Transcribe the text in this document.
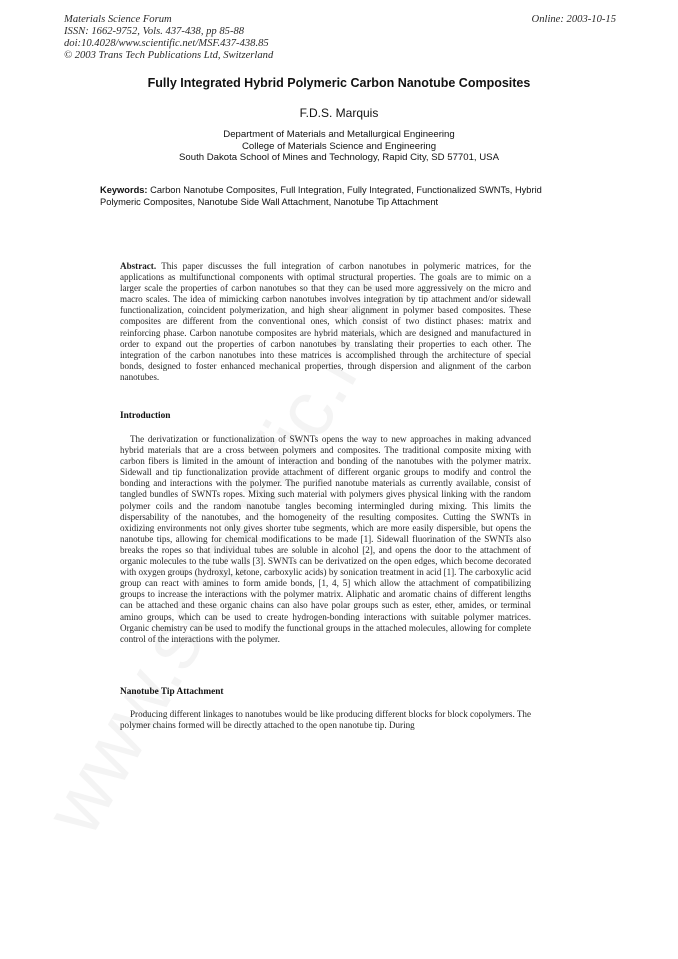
Materials Science Forum
ISSN: 1662-9752, Vols. 437-438, pp 85-88
doi:10.4028/www.scientific.net/MSF.437-438.85
© 2003 Trans Tech Publications Ltd, Switzerland
Online: 2003-10-15
Fully Integrated Hybrid Polymeric Carbon Nanotube Composites
F.D.S. Marquis
Department of Materials and Metallurgical Engineering
College of Materials Science and Engineering
South Dakota School of Mines and Technology, Rapid City, SD 57701, USA
Keywords: Carbon Nanotube Composites, Full Integration, Fully Integrated, Functionalized SWNTs, Hybrid Polymeric Composites, Nanotube Side Wall Attachment, Nanotube Tip Attachment
Abstract. This paper discusses the full integration of carbon nanotubes in polymeric matrices, for the applications as multifunctional components with optimal structural properties. The goals are to mimic on a larger scale the properties of carbon nanotubes so that they can be used more aggressively on the micro and macro scales. The idea of mimicking carbon nanotubes involves integration by tip attachment and/or sidewall functionalization, coincident polymerization, and high shear alignment in polymer based composites. These composites are different from the conventional ones, which consist of two distinct phases: matrix and reinforcing phase. Carbon nanotube composites are hybrid materials, which are designed and manufactured in order to expand out the properties of carbon nanotubes by translating their properties to each other. The integration of the carbon nanotubes into these matrices is accomplished through the architecture of special bonds, designed to foster enhanced mechanical properties, through dispersion and alignment of the carbon nanotubes.
Introduction
The derivatization or functionalization of SWNTs opens the way to new approaches in making advanced hybrid materials that are a cross between polymers and composites. The traditional composite mixing with carbon fibers is limited in the amount of interaction and bonding of the nanotubes with the polymer matrix. Sidewall and tip functionalization provide attachment of different organic groups to modify and control the bonding and interactions with the polymer. The purified nanotube materials as currently available, consist of tangled bundles of SWNTs ropes. Mixing such material with polymers gives physical linking with the random polymer coils and the random nanotube tangles becoming intermingled during mixing. This limits the dispersability of the nanotubes, and the homogeneity of the resulting composites. Cutting the SWNTs in oxidizing environments not only gives shorter tube segments, which are more easily dispersible, but opens the nanotube tips, allowing for chemical modifications to be made [1]. Sidewall fluorination of the SWNTs also breaks the ropes so that individual tubes are soluble in alcohol [2], and opens the door to the attachment of organic molecules to the tube walls [3]. SWNTs can be derivatized on the open edges, which become decorated with oxygen groups (hydroxyl, ketone, carboxylic acids) by sonication treatment in acid [1]. The carboxylic acid group can react with amines to form amide bonds, [1, 4, 5] which allow the attachment of compatibilizing groups to increase the interactions with the polymer matrix. Aliphatic and aromatic chains of different lengths can be attached and these organic chains can also have polar groups such as ester, ether, amides, or terminal amino groups, which can be used to create hydrogen-bonding interactions with suitable polymer matrices. Organic chemistry can be used to modify the functional groups in the attached molecules, allowing for complete control of the interactions with the polymer.
Nanotube Tip Attachment
Producing different linkages to nanotubes would be like producing different blocks for block copolymers. The polymer chains formed will be directly attached to the open nanotube tip. During
